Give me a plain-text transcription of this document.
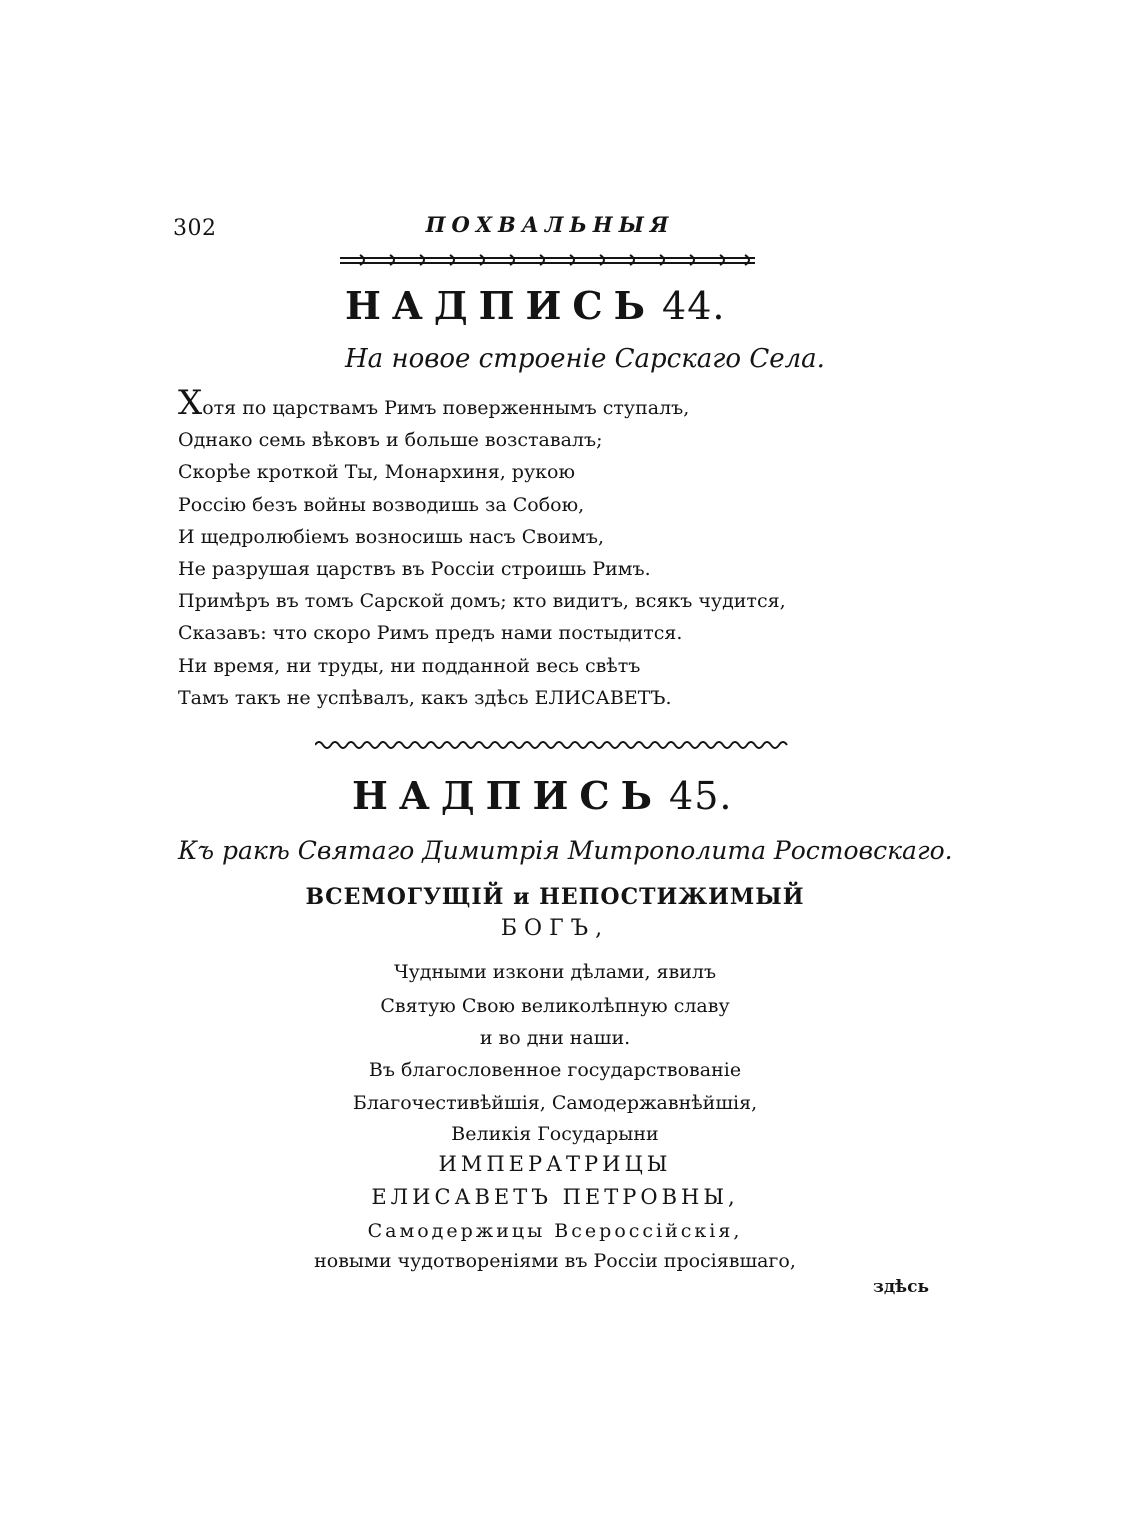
302	ПОХВАЛЬНЫЯ
НАДПИСЬ 44.
На новое строеніе Сарскаго Села.
Хотя по царствамъ Римъ поверженнымъ ступалъ,
Однако семь вѣковъ и больше возставалъ;
Скорѣе кроткой Ты, Монархиня, рукою
Россію безъ войны возводишь за Собою,
И щедролюбіемъ возносишь насъ Своимъ,
Не разрушая царствъ въ Россіи строишь Римъ.
Примѣръ въ томъ Сарской домъ; кто видитъ, всякъ чудится,
Сказавъ: что скоро Римъ предъ нами постыдится.
Ни время, ни труды, ни подданной весь свѣтъ
Тамъ такъ не успѣвалъ, какъ здѣсь ЕЛИСАВЕТЪ.
НАДПИСЬ 45.
Къ ракѣ Святаго Димитрія Митрополита Ростовскаго.
ВСЕМОГУЩІЙ и НЕПОСТИЖИМЫЙ
БОГЪ,
Чудными изкони дѣлами, явилъ
Святую Свою великолѣпную славу
и во дни наши.
Въ благословенное государствованіе
Благочестивѣйшія, Самодержавнѣйшія,
Великія Государыни
ИМПЕРАТРИЦЫ
ЕЛИСАВЕТЪ ПЕТРОВНЫ,
Самодержицы Всероссійскія,
новыми чудотвореніями въ Россіи просіявшаго,
здѣсь
